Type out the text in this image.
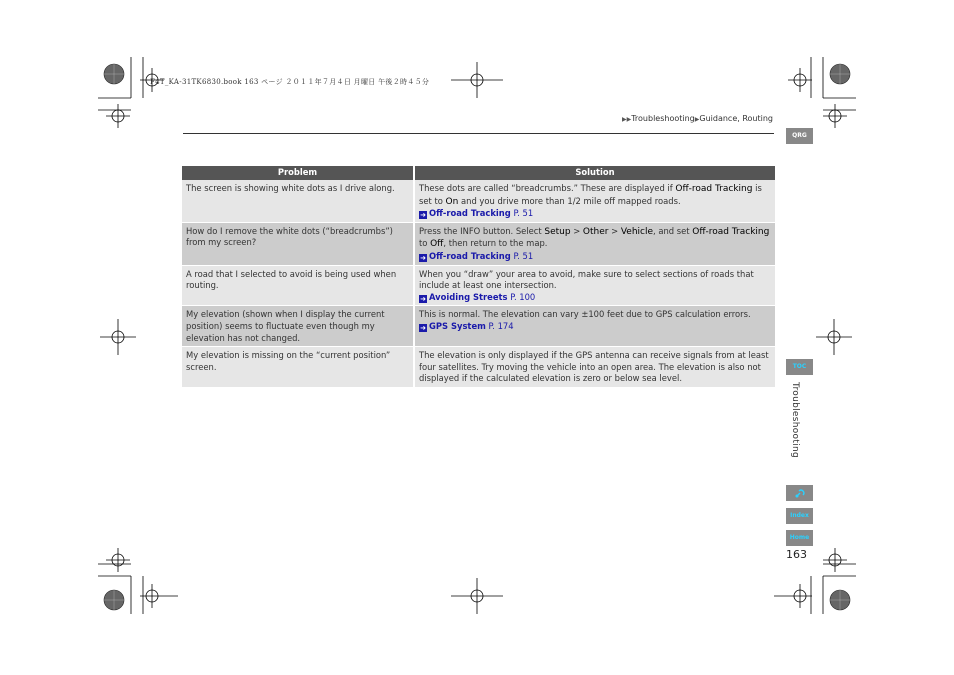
F4T_KA-31TK6830.book 163 ページ ２０１１年７月４日 月曜日 午後２時４５分
▶▶Troubleshooting▶Guidance, Routing
QRG
TOC
Troubleshooting
Index
Home
163
Problem	Solution
The screen is showing white dots as I drive along.	These dots are called “breadcrumbs.” These are displayed if Off-road Tracking is set to On and you drive more than 1/2 mile off mapped roads.
➜ Off-road Tracking P. 51
How do I remove the white dots (“breadcrumbs”) from my screen?	Press the INFO button. Select Setup > Other > Vehicle, and set Off-road Tracking to Off, then return to the map.
➜ Off-road Tracking P. 51
A road that I selected to avoid is being used when routing.	When you “draw” your area to avoid, make sure to select sections of roads that include at least one intersection.
➜ Avoiding Streets P. 100
My elevation (shown when I display the current position) seems to fluctuate even though my elevation has not changed.	This is normal. The elevation can vary ±100 feet due to GPS calculation errors.
➜ GPS System P. 174
My elevation is missing on the “current position” screen.	The elevation is only displayed if the GPS antenna can receive signals from at least four satellites. Try moving the vehicle into an open area. The elevation is also not displayed if the calculated elevation is zero or below sea level.
